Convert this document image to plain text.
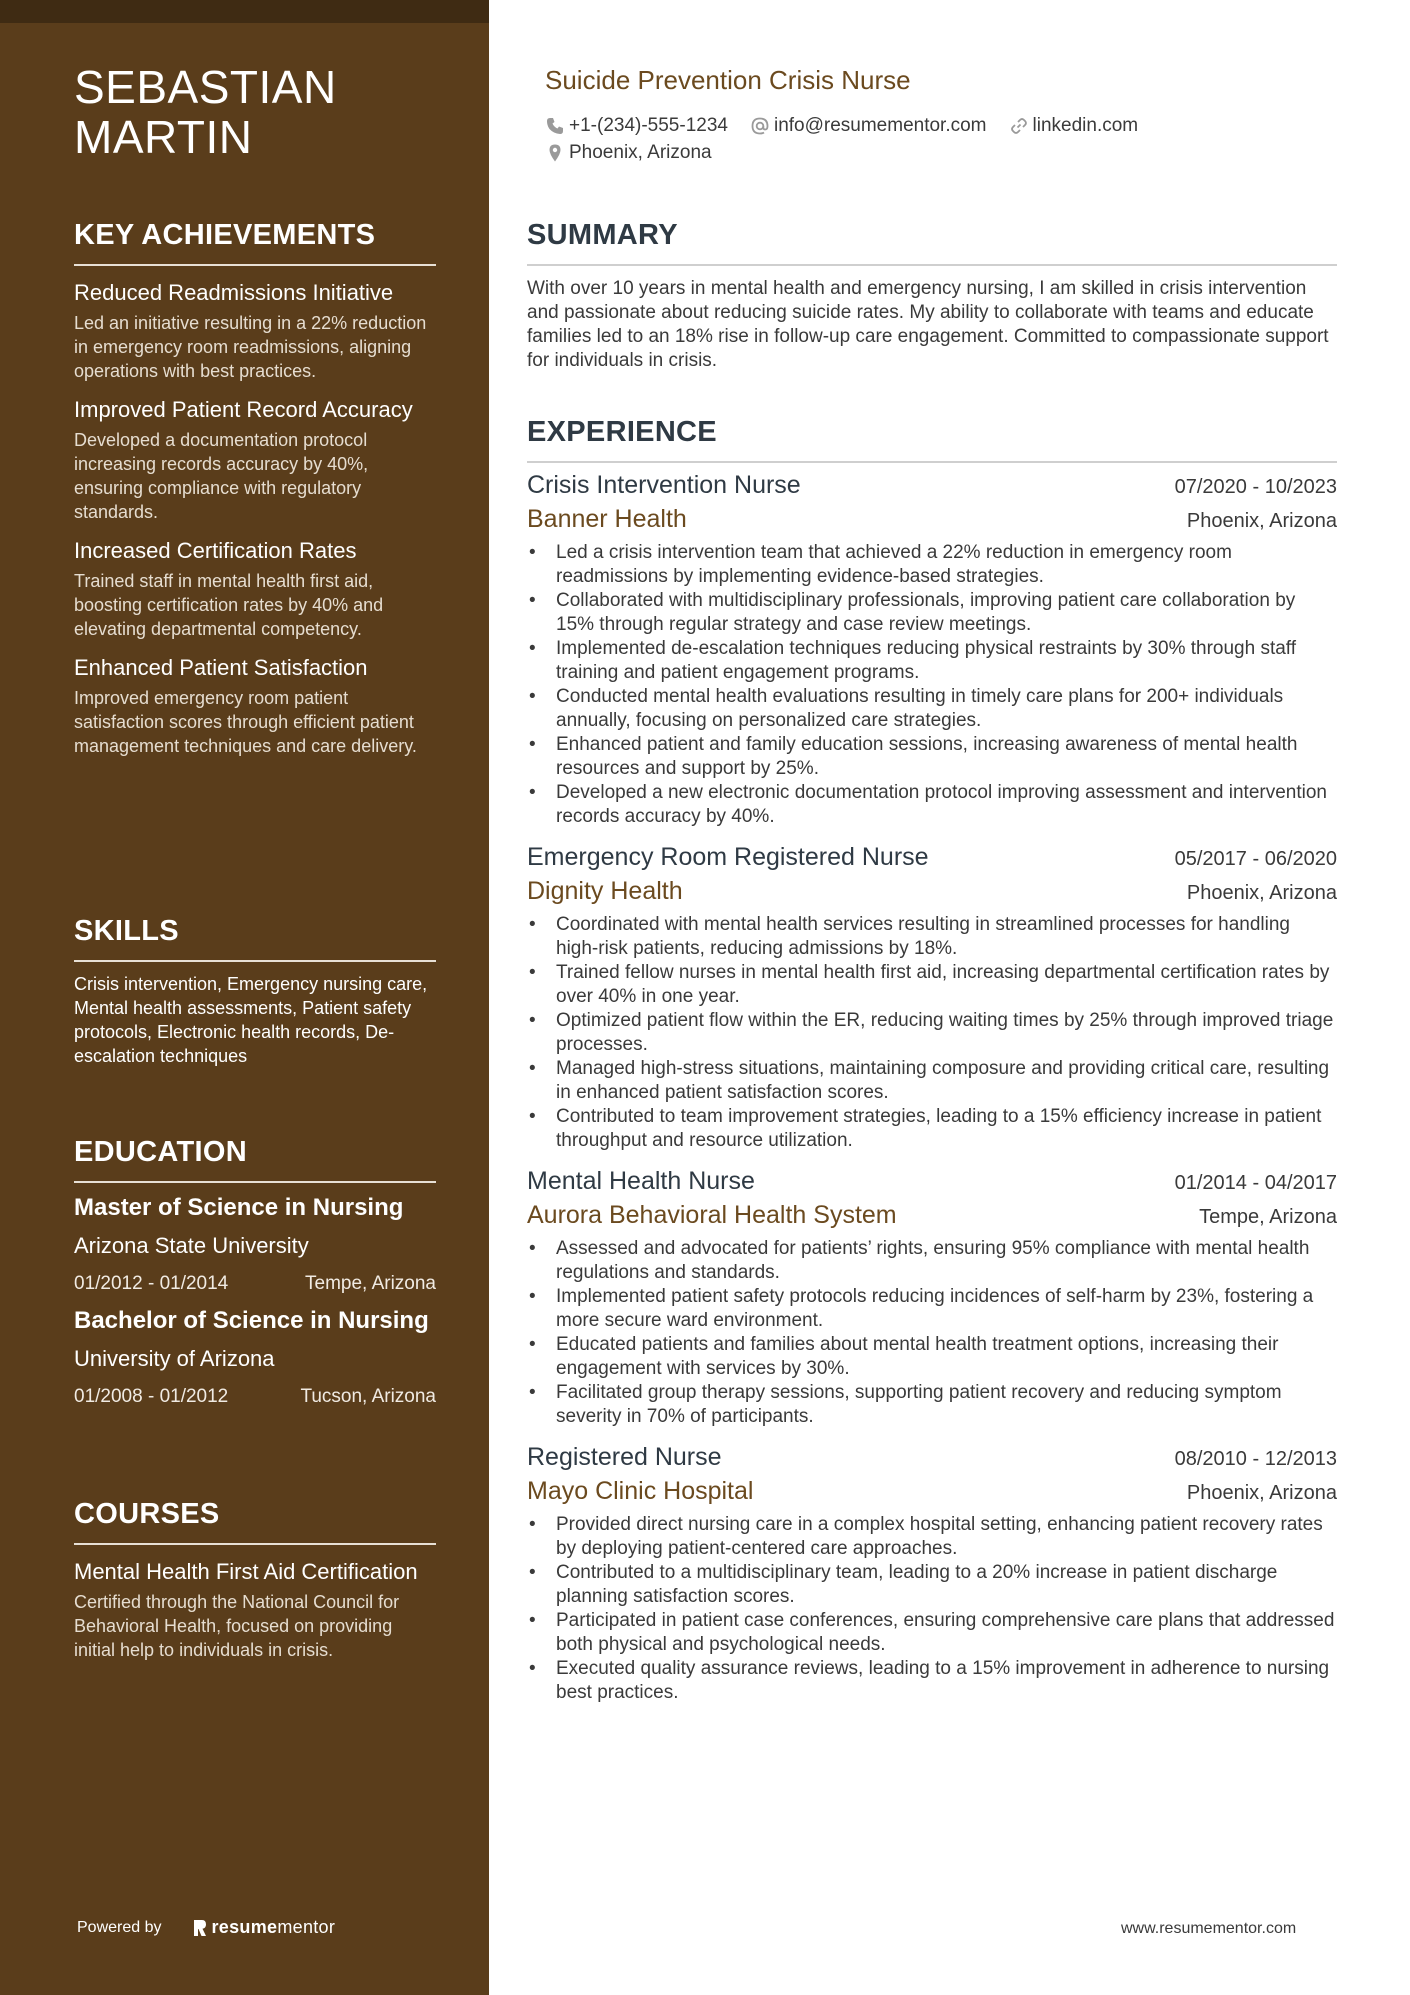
SEBASTIAN
MARTIN
KEY ACHIEVEMENTS
Reduced Readmissions Initiative
Led an initiative resulting in a 22% reduction in emergency room readmissions, aligning operations with best practices.
Improved Patient Record Accuracy
Developed a documentation protocol increasing records accuracy by 40%, ensuring compliance with regulatory standards.
Increased Certification Rates
Trained staff in mental health first aid, boosting certification rates by 40% and elevating departmental competency.
Enhanced Patient Satisfaction
Improved emergency room patient satisfaction scores through efficient patient management techniques and care delivery.
SKILLS
Crisis intervention, Emergency nursing care, Mental health assessments, Patient safety protocols, Electronic health records, De-escalation techniques
EDUCATION
Master of Science in Nursing
Arizona State University
01/2012 - 01/2014	Tempe, Arizona
Bachelor of Science in Nursing
University of Arizona
01/2008 - 01/2012	Tucson, Arizona
COURSES
Mental Health First Aid Certification
Certified through the National Council for Behavioral Health, focused on providing initial help to individuals in crisis.
Powered by	resume mentor
Suicide Prevention Crisis Nurse
+1-(234)-555-1234 info@resumementor.com linkedin.com
Phoenix, Arizona
SUMMARY

With over 10 years in mental health and emergency nursing, I am skilled in crisis intervention and passionate about reducing suicide rates. My ability to collaborate with teams and educate families led to an 18% rise in follow-up care engagement. Committed to compassionate support for individuals in crisis.

EXPERIENCE
Crisis Intervention Nurse	07/2020 - 10/2023
Banner Health	Phoenix, Arizona
• Led a crisis intervention team that achieved a 22% reduction in emergency room readmissions by implementing evidence-based strategies.
• Collaborated with multidisciplinary professionals, improving patient care collaboration by 15% through regular strategy and case review meetings.
• Implemented de-escalation techniques reducing physical restraints by 30% through staff training and patient engagement programs.
• Conducted mental health evaluations resulting in timely care plans for 200+ individuals annually, focusing on personalized care strategies.
• Enhanced patient and family education sessions, increasing awareness of mental health resources and support by 25%.
• Developed a new electronic documentation protocol improving assessment and intervention records accuracy by 40%.
Emergency Room Registered Nurse	05/2017 - 06/2020
Dignity Health	Phoenix, Arizona
• Coordinated with mental health services resulting in streamlined processes for handling high-risk patients, reducing admissions by 18%.
• Trained fellow nurses in mental health first aid, increasing departmental certification rates by over 40% in one year.
• Optimized patient flow within the ER, reducing waiting times by 25% through improved triage processes.
• Managed high-stress situations, maintaining composure and providing critical care, resulting in enhanced patient satisfaction scores.
• Contributed to team improvement strategies, leading to a 15% efficiency increase in patient throughput and resource utilization.
Mental Health Nurse	01/2014 - 04/2017
Aurora Behavioral Health System	Tempe, Arizona
• Assessed and advocated for patients’ rights, ensuring 95% compliance with mental health regulations and standards.
• Implemented patient safety protocols reducing incidences of self-harm by 23%, fostering a more secure ward environment.
• Educated patients and families about mental health treatment options, increasing their engagement with services by 30%.
• Facilitated group therapy sessions, supporting patient recovery and reducing symptom severity in 70% of participants.
Registered Nurse	08/2010 - 12/2013
Mayo Clinic Hospital	Phoenix, Arizona
• Provided direct nursing care in a complex hospital setting, enhancing patient recovery rates by deploying patient-centered care approaches.
• Contributed to a multidisciplinary team, leading to a 20% increase in patient discharge planning satisfaction scores.
• Participated in patient case conferences, ensuring comprehensive care plans that addressed both physical and psychological needs.
• Executed quality assurance reviews, leading to a 15% improvement in adherence to nursing best practices.
www.resumementor.com
